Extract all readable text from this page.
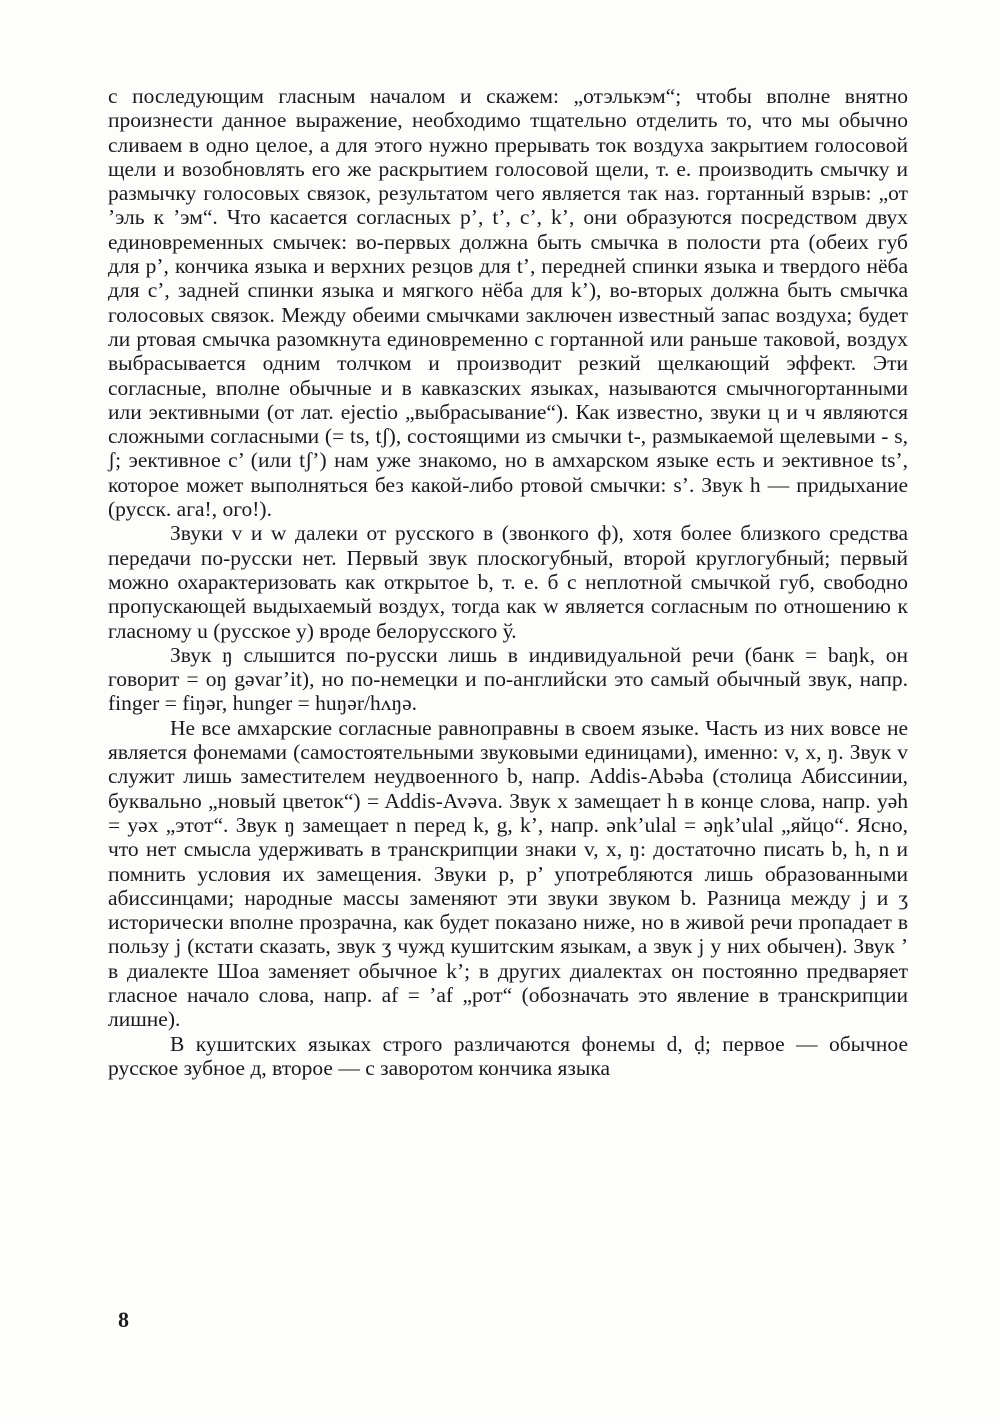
с последующим гласным началом и скажем: „отэлькэм“; чтобы вполне внятно произнести данное выражение, необходимо тщательно отделить то, что мы обычно сливаем в одно целое, а для этого нужно прерывать ток воздуха закрытием голосовой щели и возобновлять его же раскрытием голосовой щели, т. е. производить смычку и размычку голосовых связок, результатом чего является так наз. гортанный взрыв: „от ’эль к ’эм“. Что касается согласных p’, t’, c’, k’, они образуются посредством двух единовременных смычек: во-первых должна быть смычка в полости рта (обеих губ для p’, кончика языка и верхних резцов для t’, передней спинки языка и твердого нёба для c’, задней спинки языка и мягкого нёба для k’), во-вторых должна быть смычка голосовых связок. Между обеими смычками заключен известный запас воздуха; будет ли ртовая смычка разомкнута единовременно с гортанной или раньше таковой, воздух выбрасывается одним толчком и производит резкий щелкающий эффект. Эти согласные, вполне обычные и в кавказских языках, называются смычногортанными или эективными (от лат. ejectio „выбрасывание“). Как известно, звуки ц и ч являются сложными согласными (= ts, tʃ), состоящими из смычки t-, размыкаемой щелевыми - s, ʃ; эективное c’ (или tʃ’) нам уже знакомо, но в амхарском языке есть и эективное ts’, которое может выполняться без какой-либо ртовой смычки: s’. Звук h — придыхание (русск. ага!, ого!).

Звуки v и w далеки от русского в (звонкого ф), хотя более близкого средства передачи по-русски нет. Первый звук плоскогубный, второй круглогубный; первый можно охарактеризовать как открытое b, т. е. б с неплотной смычкой губ, свободно пропускающей выдыхаемый воздух, тогда как w является согласным по отношению к гласному u (русское у) вроде белорусского ў.

Звук ŋ слышится по-русски лишь в индивидуальной речи (банк = baŋk, он говорит = oŋ gəvar’it), но по-немецки и по-английски это самый обычный звук, напр. finger = fiŋər, hunger = huŋər/hʌŋə.

Не все амхарские согласные равноправны в своем языке. Часть из них вовсе не является фонемами (самостоятельными звуковыми единицами), именно: v, x, ŋ. Звук v служит лишь заместителем неудвоенного b, напр. Addis-Abəba (столица Абиссинии, буквально „новый цветок“) = Addis-Avəva. Звук x замещает h в конце слова, напр. yəh = yəx „этот“. Звук ŋ замещает n перед k, g, k’, напр. ənk’ulal = əŋk’ulal „яйцо“. Ясно, что нет смысла удерживать в транскрипции знаки v, x, ŋ: достаточно писать b, h, n и помнить условия их замещения. Звуки p, p’ употребляются лишь образованными абиссинцами; народные массы заменяют эти звуки звуком b. Разница между j и ʒ исторически вполне прозрачна, как будет показано ниже, но в живой речи пропадает в пользу j (кстати сказать, звук ʒ чужд кушитским языкам, а звук j у них обычен). Звук ’ в диалекте Шоа заменяет обычное k’; в других диалектах он постоянно предваряет гласное начало слова, напр. af = ’af „рот“ (обозначать это явление в транскрипции лишне).

В кушитских языках строго различаются фонемы d, ḍ; первое — обычное русское зубное д, второе — с заворотом кончика языка

8
